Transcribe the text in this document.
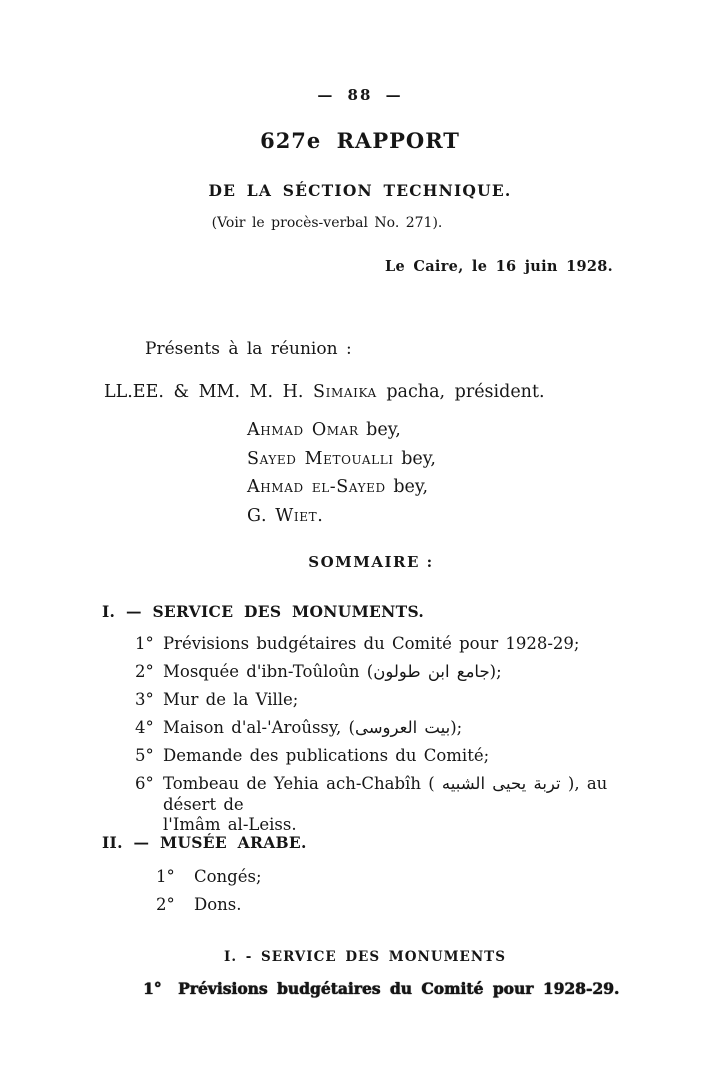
— 88 —
627e RAPPORT
DE LA SÉCTION TECHNIQUE.
(Voir le procès-verbal No. 271).
Le Caire, le 16 juin 1928.
Présents à la réunion :
LL.EE. & MM. M. H. Simaika pacha, président.
Ahmad Omar bey,
Sayed Metoualli bey,
Ahmad el-Sayed bey,
G. Wiet.
SOMMAIRE :
I. — SERVICE DES MONUMENTS.
1° Prévisions budgétaires du Comité pour 1928-29;
2° Mosquée d'ibn-Toûloûn (جامع ابن طولون);
3° Mur de la Ville;
4° Maison d'al-'Aroûssy, (بيت العروسى);
5° Demande des publications du Comité;
6° Tombeau de Yehia ach-Chabîh ( تربة يحيى الشبيه ), au désert de
l'Imâm al-Leiss.
II. — MUSÉE ARABE.
1°	Congés;
2°	Dons.
I. - SERVICE DES MONUMENTS
1° Prévisions budgétaires du Comité pour 1928-29.
